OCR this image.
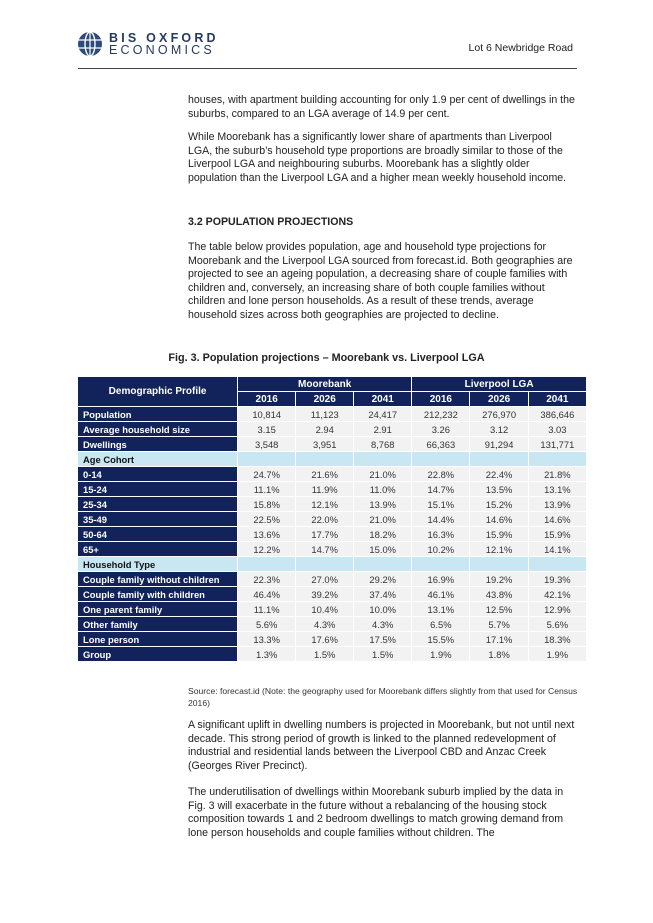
BIS OXFORD
ECONOMICS	Lot 6 Newbridge Road

houses, with apartment building accounting for only 1.9 per cent of dwellings in the suburbs, compared to an LGA average of 14.9 per cent.

While Moorebank has a significantly lower share of apartments than Liverpool LGA, the suburb’s household type proportions are broadly similar to those of the Liverpool LGA and neighbouring suburbs. Moorebank has a slightly older population than the Liverpool LGA and a higher mean weekly household income.

3.2 POPULATION PROJECTIONS

The table below provides population, age and household type projections for Moorebank and the Liverpool LGA sourced from forecast.id. Both geographies are projected to see an ageing population, a decreasing share of couple families with children and, conversely, an increasing share of both couple families without children and lone person households. As a result of these trends, average household sizes across both geographies are projected to decline.

Fig. 3. Population projections – Moorebank vs. Liverpool LGA
Demographic Profile	Moorebank			Liverpool LGA		
	2016	2026	2041	2016	2026	2041
Population	10,814	11,123	24,417	212,232	276,970	386,646
Average household size	3.15	2.94	2.91	3.26	3.12	3.03
Dwellings	3,548	3,951	8,768	66,363	91,294	131,771
Age Cohort						
0-14	24.7%	21.6%	21.0%	22.8%	22.4%	21.8%
15-24	11.1%	11.9%	11.0%	14.7%	13.5%	13.1%
25-34	15.8%	12.1%	13.9%	15.1%	15.2%	13.9%
35-49	22.5%	22.0%	21.0%	14.4%	14.6%	14.6%
50-64	13.6%	17.7%	18.2%	16.3%	15.9%	15.9%
65+	12.2%	14.7%	15.0%	10.2%	12.1%	14.1%
Household Type						
Couple family without children	22.3%	27.0%	29.2%	16.9%	19.2%	19.3%
Couple family with children	46.4%	39.2%	37.4%	46.1%	43.8%	42.1%
One parent family	11.1%	10.4%	10.0%	13.1%	12.5%	12.9%
Other family	5.6%	4.3%	4.3%	6.5%	5.7%	5.6%
Lone person	13.3%	17.6%	17.5%	15.5%	17.1%	18.3%
Group	1.3%	1.5%	1.5%	1.9%	1.8%	1.9%
Source: forecast.id (Note: the geography used for Moorebank differs slightly from that used for Census 2016)

A significant uplift in dwelling numbers is projected in Moorebank, but not until next decade. This strong period of growth is linked to the planned redevelopment of industrial and residential lands between the Liverpool CBD and Anzac Creek (Georges River Precinct).

The underutilisation of dwellings within Moorebank suburb implied by the data in Fig. 3 will exacerbate in the future without a rebalancing of the housing stock composition towards 1 and 2 bedroom dwellings to match growing demand from lone person households and couple families without children. The
